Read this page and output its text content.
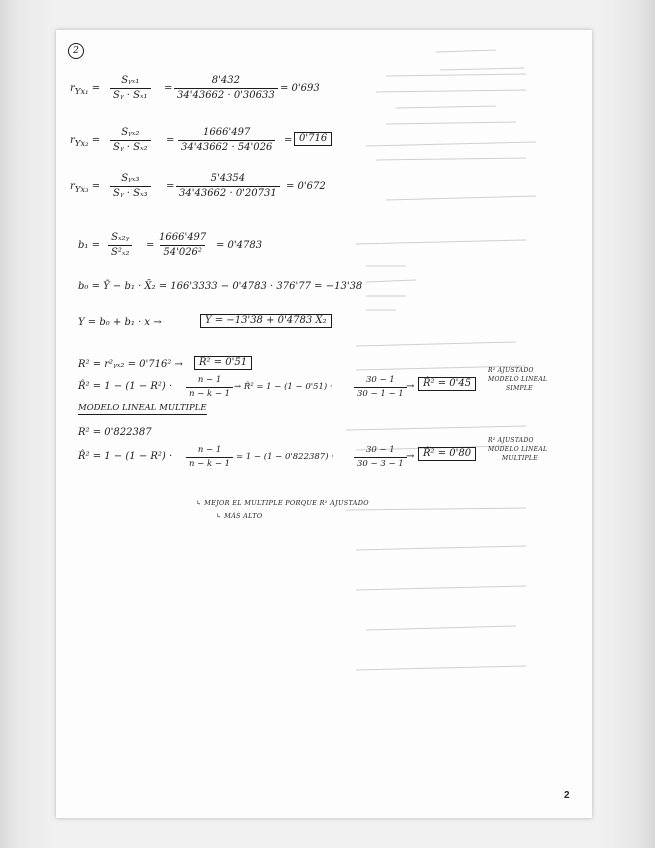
2
$r_{Yx_1}$ =
Sᵧₓ₁
Sᵧ · Sₓ₁
= $\frac{8'432}{34'43662 \cdot 0'30633} = 0'693$
$r_{Yx_2}$ =
Sᵧₓ₂
Sᵧ · Sₓ₂
= $\frac{1666'497}{34'43662 \cdot 54'026} = 0'716$
$r_{Yx_3}$ =
Sᵧₓ₃
Sᵧ · Sₓ₃
= $\frac{5'4354}{34'43662 \cdot 0'20731} = 0'672$
$b_1 = \frac{\text{Sₓ₂ᵧ}}{\text{S²ₓ₂}} = \frac{1666'497}{\text{54'026²}} = 0'4783$
b₀ = Ȳ − b₁ · X̄₂ = 166'3333 − 0'4783 · 376'77 = −13'38
Y = b₀ + b₁ · x →	Y = −13'38 + 0'4783 X₂
R² = r²ᵧₓ₂ = 0'716² →	R² = 0'51
R̂² = $1 - (1 - R^2) \cdot \frac{n - 1}{n - k - 1}$ → R̂² = 1 − (1 − 0'51) ·	$\frac{30 - 1}{30 - 1 - 1}$ → R̂² = 0'45
R² AJUSTADO
MODELO LINEAL
SIMPLE
MODELO LINEAL MULTIPLE
R² = 0'822387
R̂² = $1 - (1 - R^2) \cdot \frac{n - 1}{n - k - 1} = 1 - (1 - 0'822387) \cdot \frac{30 - 1}{30 - 3 - 1}$ → R̂² = 0'80
R² AJUSTADO
MODELO LINEAL
MULTIPLE
↳ MEJOR EL MULTIPLE PORQUE R² AJUSTADO
↳ MÁS ALTO
2
